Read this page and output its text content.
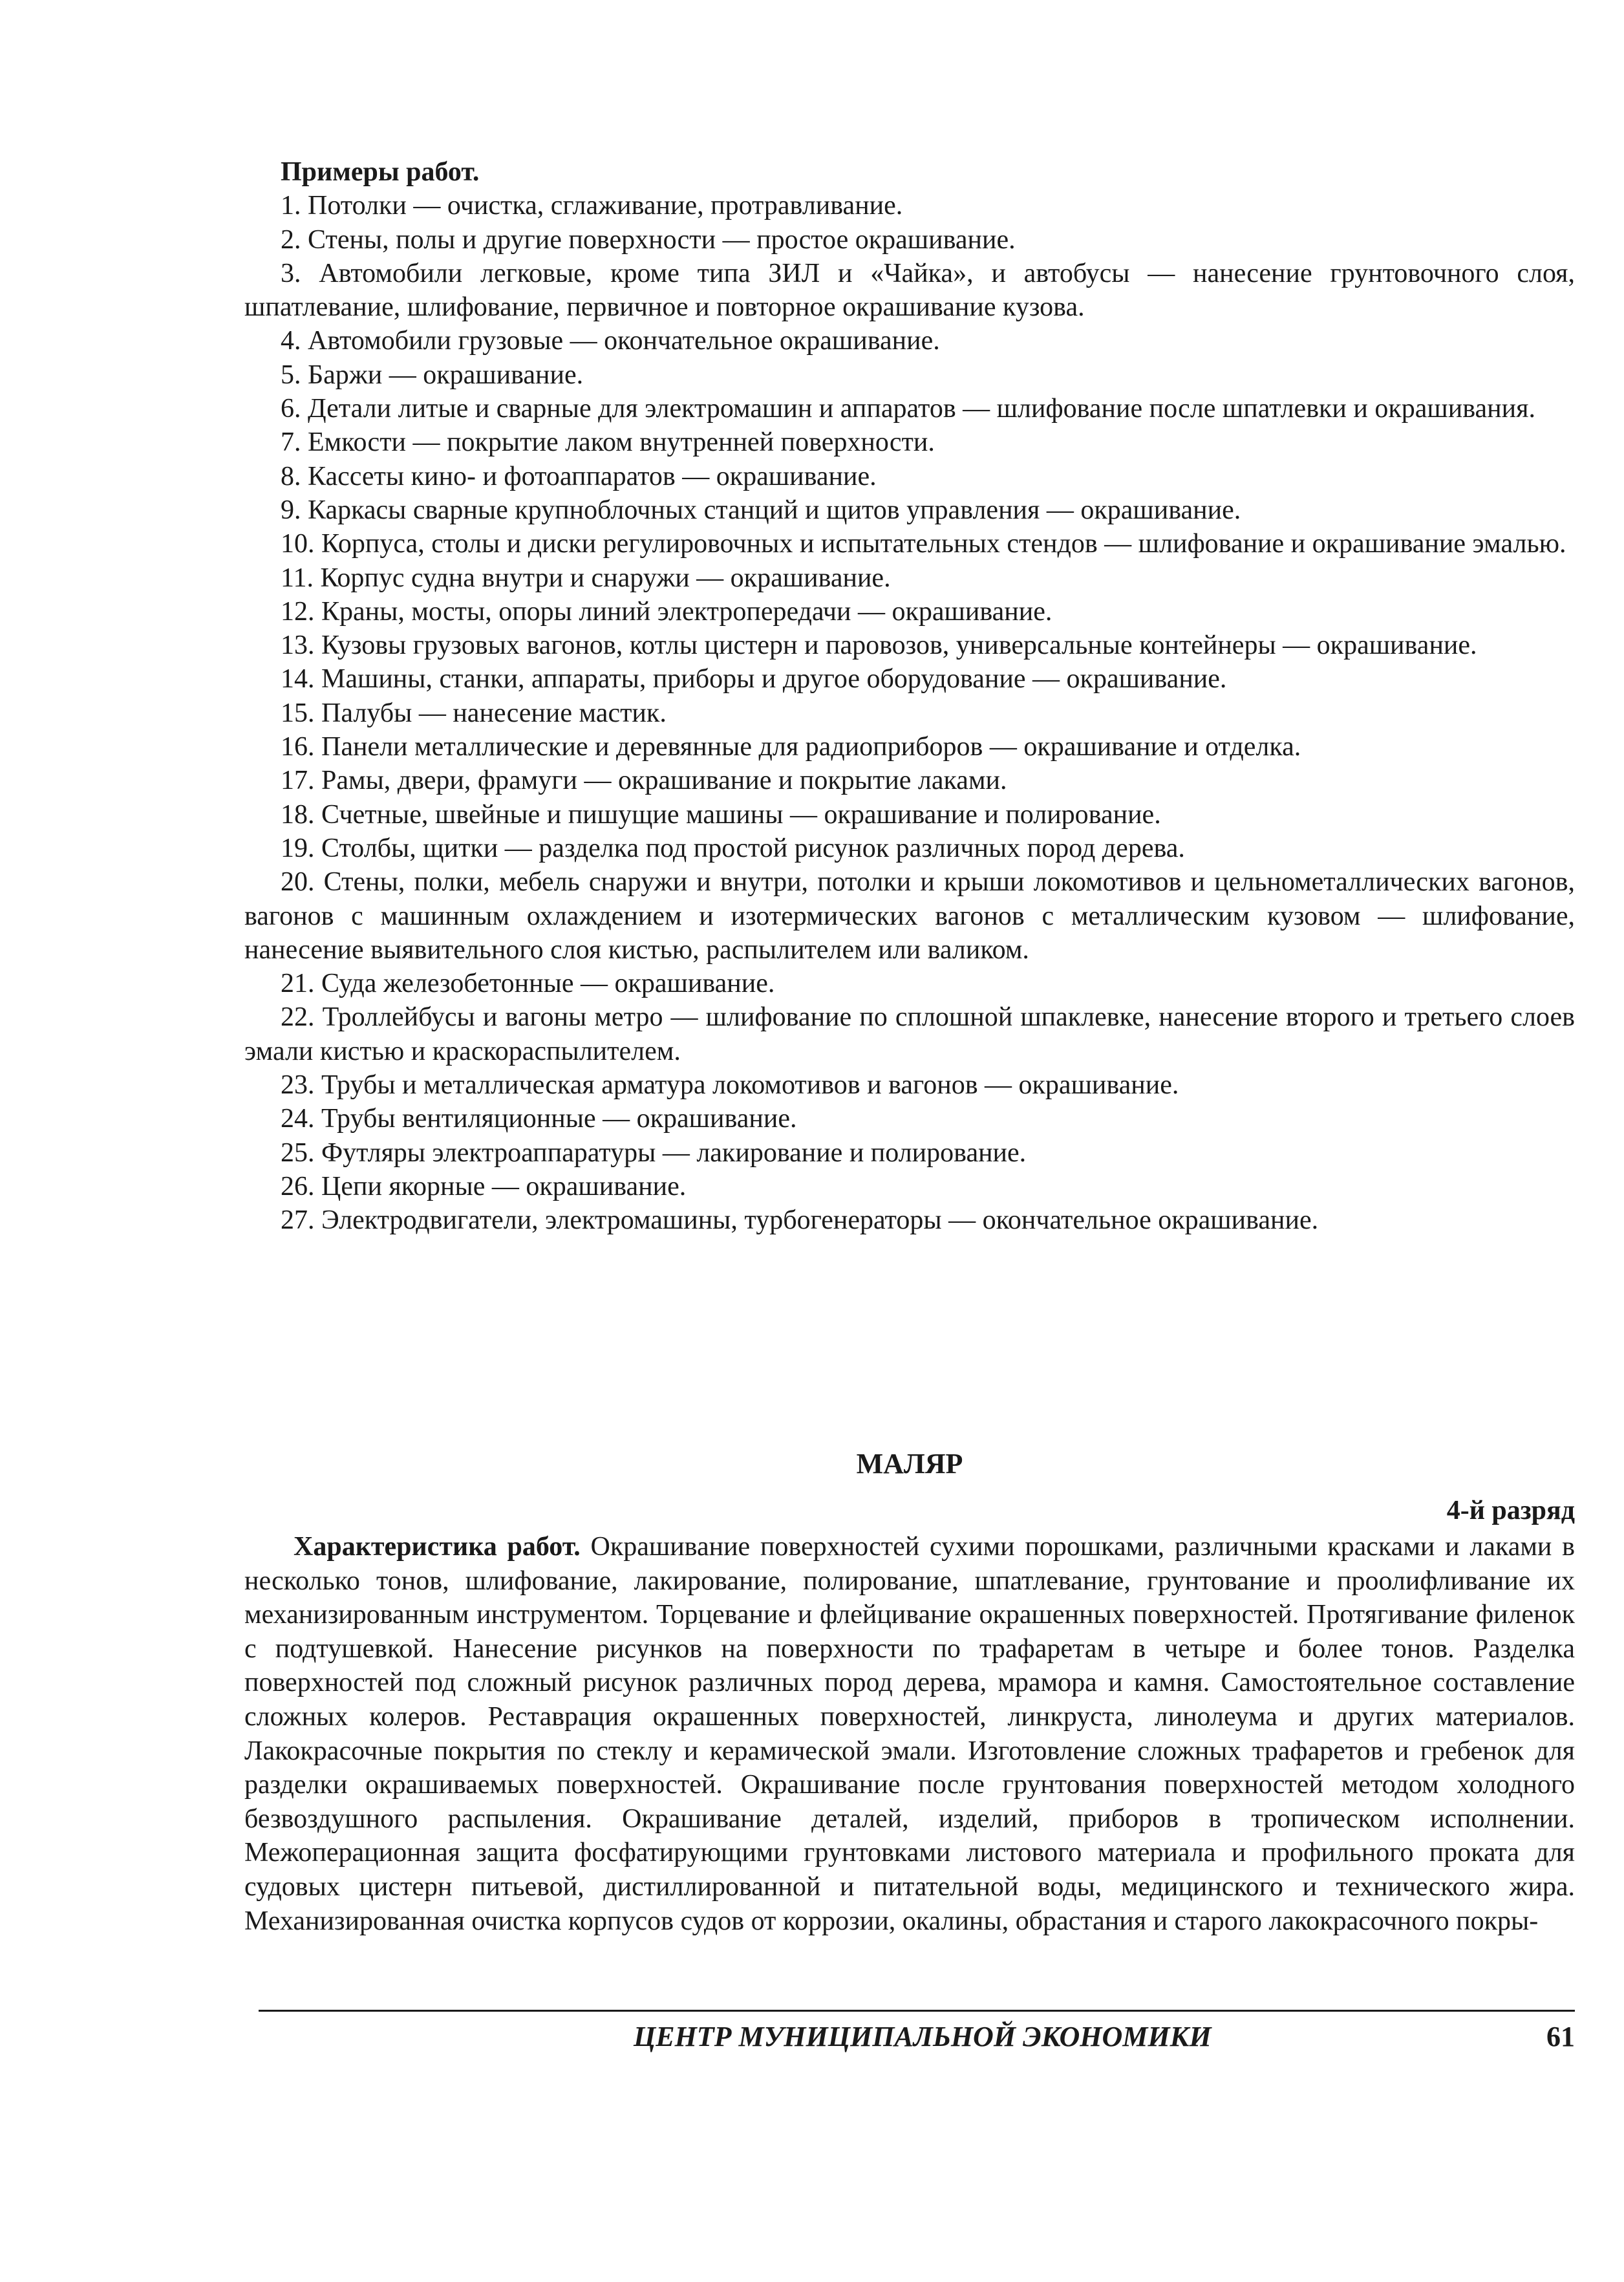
Примеры работ.
1. Потолки — очистка, сглаживание, протравливание.
2. Стены, полы и другие поверхности — простое окрашивание.
3. Автомобили легковые, кроме типа ЗИЛ и «Чайка», и автобусы — нанесение грунтовочного слоя, шпатлевание, шлифование, первичное и повторное окрашивание кузова.
4. Автомобили грузовые — окончательное окрашивание.
5. Баржи — окрашивание.
6. Детали литые и сварные для электромашин и аппаратов — шлифование после шпатлевки и окрашивания.
7. Емкости — покрытие лаком внутренней поверхности.
8. Кассеты кино- и фотоаппаратов — окрашивание.
9. Каркасы сварные крупноблочных станций и щитов управления — окрашивание.
10. Корпуса, столы и диски регулировочных и испытательных стендов — шлифование и окрашивание эмалью.
11. Корпус судна внутри и снаружи — окрашивание.
12. Краны, мосты, опоры линий электропередачи — окрашивание.
13. Кузовы грузовых вагонов, котлы цистерн и паровозов, универсальные контейнеры — окрашивание.
14. Машины, станки, аппараты, приборы и другое оборудование — окрашивание.
15. Палубы — нанесение мастик.
16. Панели металлические и деревянные для радиоприборов — окрашивание и отделка.
17. Рамы, двери, фрамуги — окрашивание и покрытие лаками.
18. Счетные, швейные и пишущие машины — окрашивание и полирование.
19. Столбы, щитки — разделка под простой рисунок различных пород дерева.
20. Стены, полки, мебель снаружи и внутри, потолки и крыши локомотивов и цельнометаллических вагонов, вагонов с машинным охлаждением и изотермических вагонов с металлическим кузовом — шлифование, нанесение выявительного слоя кистью, распылителем или валиком.
21. Суда железобетонные — окрашивание.
22. Троллейбусы и вагоны метро — шлифование по сплошной шпаклевке, нанесение второго и третьего слоев эмали кистью и краскораспылителем.
23. Трубы и металлическая арматура локомотивов и вагонов — окрашивание.
24. Трубы вентиляционные — окрашивание.
25. Футляры электроаппаратуры — лакирование и полирование.
26. Цепи якорные — окрашивание.
27. Электродвигатели, электромашины, турбогенераторы — окончательное окрашивание.
МАЛЯР
4-й разряд
Характеристика работ. Окрашивание поверхностей сухими порошками, различными красками и лаками в несколько тонов, шлифование, лакирование, полирование, шпатлевание, грунтование и проолифливание их механизированным инструментом. Торцевание и флейцивание окрашенных поверхностей. Протягивание филенок с подтушевкой. Нанесение рисунков на поверхности по трафаретам в четыре и более тонов. Разделка поверхностей под сложный рисунок различных пород дерева, мрамора и камня. Самостоятельное составление сложных колеров. Реставрация окрашенных поверхностей, линкруста, линолеума и других материалов. Лакокрасочные покрытия по стеклу и керамической эмали. Изготовление сложных трафаретов и гребенок для разделки окрашиваемых поверхностей. Окрашивание после грунтования поверхностей методом холодного безвоздушного распыления. Окрашивание деталей, изделий, приборов в тропическом исполнении. Межоперационная защита фосфатирующими грунтовками листового материала и профильного проката для судовых цистерн питьевой, дистиллированной и питательной воды, медицинского и технического жира. Механизированная очистка корпусов судов от коррозии, окалины, обрастания и старого лакокрасочного покры-
ЦЕНТР МУНИЦИПАЛЬНОЙ ЭКОНОМИКИ	61
